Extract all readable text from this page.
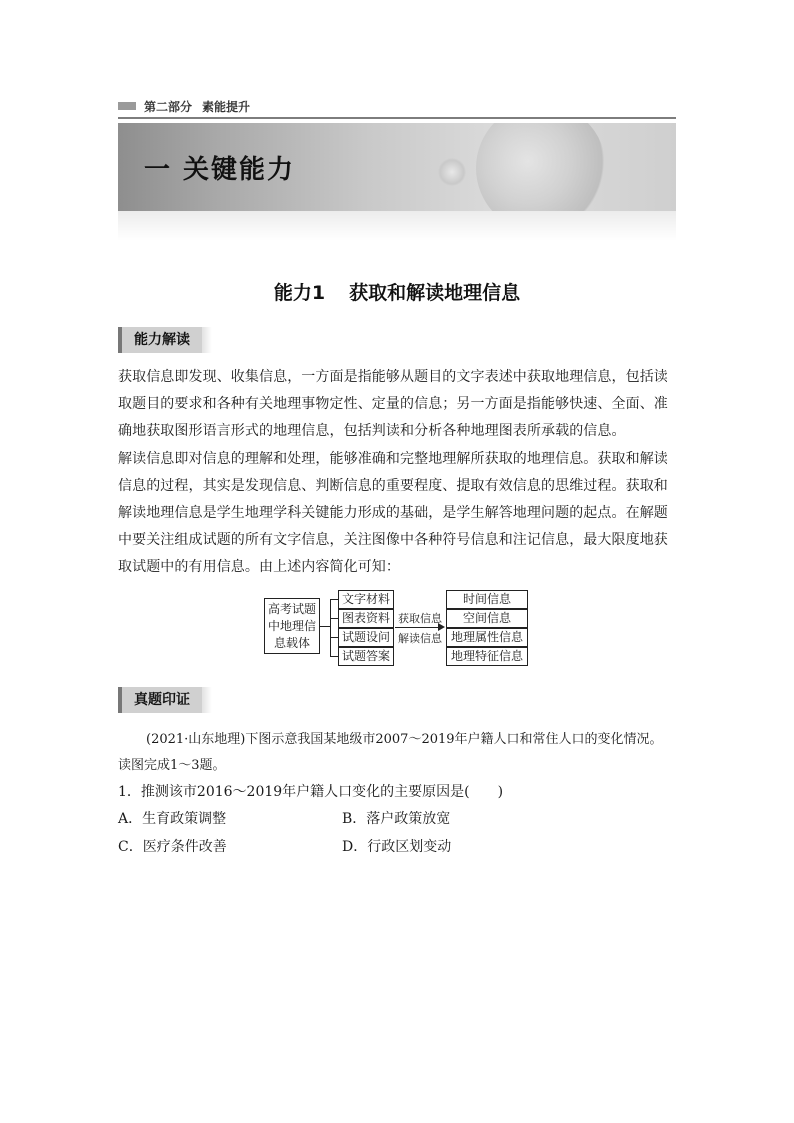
第二部分 素能提升
一 关键能力
能力1 获取和解读地理信息
能力解读
获取信息即发现、收集信息，一方面是指能够从题目的文字表述中获取地理信息，包括读取题目的要求和各种有关地理事物定性、定量的信息；另一方面是指能够快速、全面、准确地获取图形语言形式的地理信息，包括判读和分析各种地理图表所承载的信息。
解读信息即对信息的理解和处理，能够准确和完整地理解所获取的地理信息。获取和解读信息的过程，其实是发现信息、判断信息的重要程度、提取有效信息的思维过程。获取和解读地理信息是学生地理学科关键能力形成的基础，是学生解答地理问题的起点。在解题中要关注组成试题的所有文字信息，关注图像中各种符号信息和注记信息，最大限度地获取试题中的有用信息。由上述内容简化可知：
高考试题
中地理信
息载体
文字材料
图表资料
试题设问
试题答案
获取信息
解读信息
时间信息
空间信息
地理属性信息
地理特征信息
真题印证
(2021·山东地理)下图示意我国某地级市2007～2019年户籍人口和常住人口的变化情况。
读图完成1～3题。
1．推测该市2016～2019年户籍人口变化的主要原因是(　　)
A．生育政策调整	B．落户政策放宽
C．医疗条件改善	D．行政区划变动
